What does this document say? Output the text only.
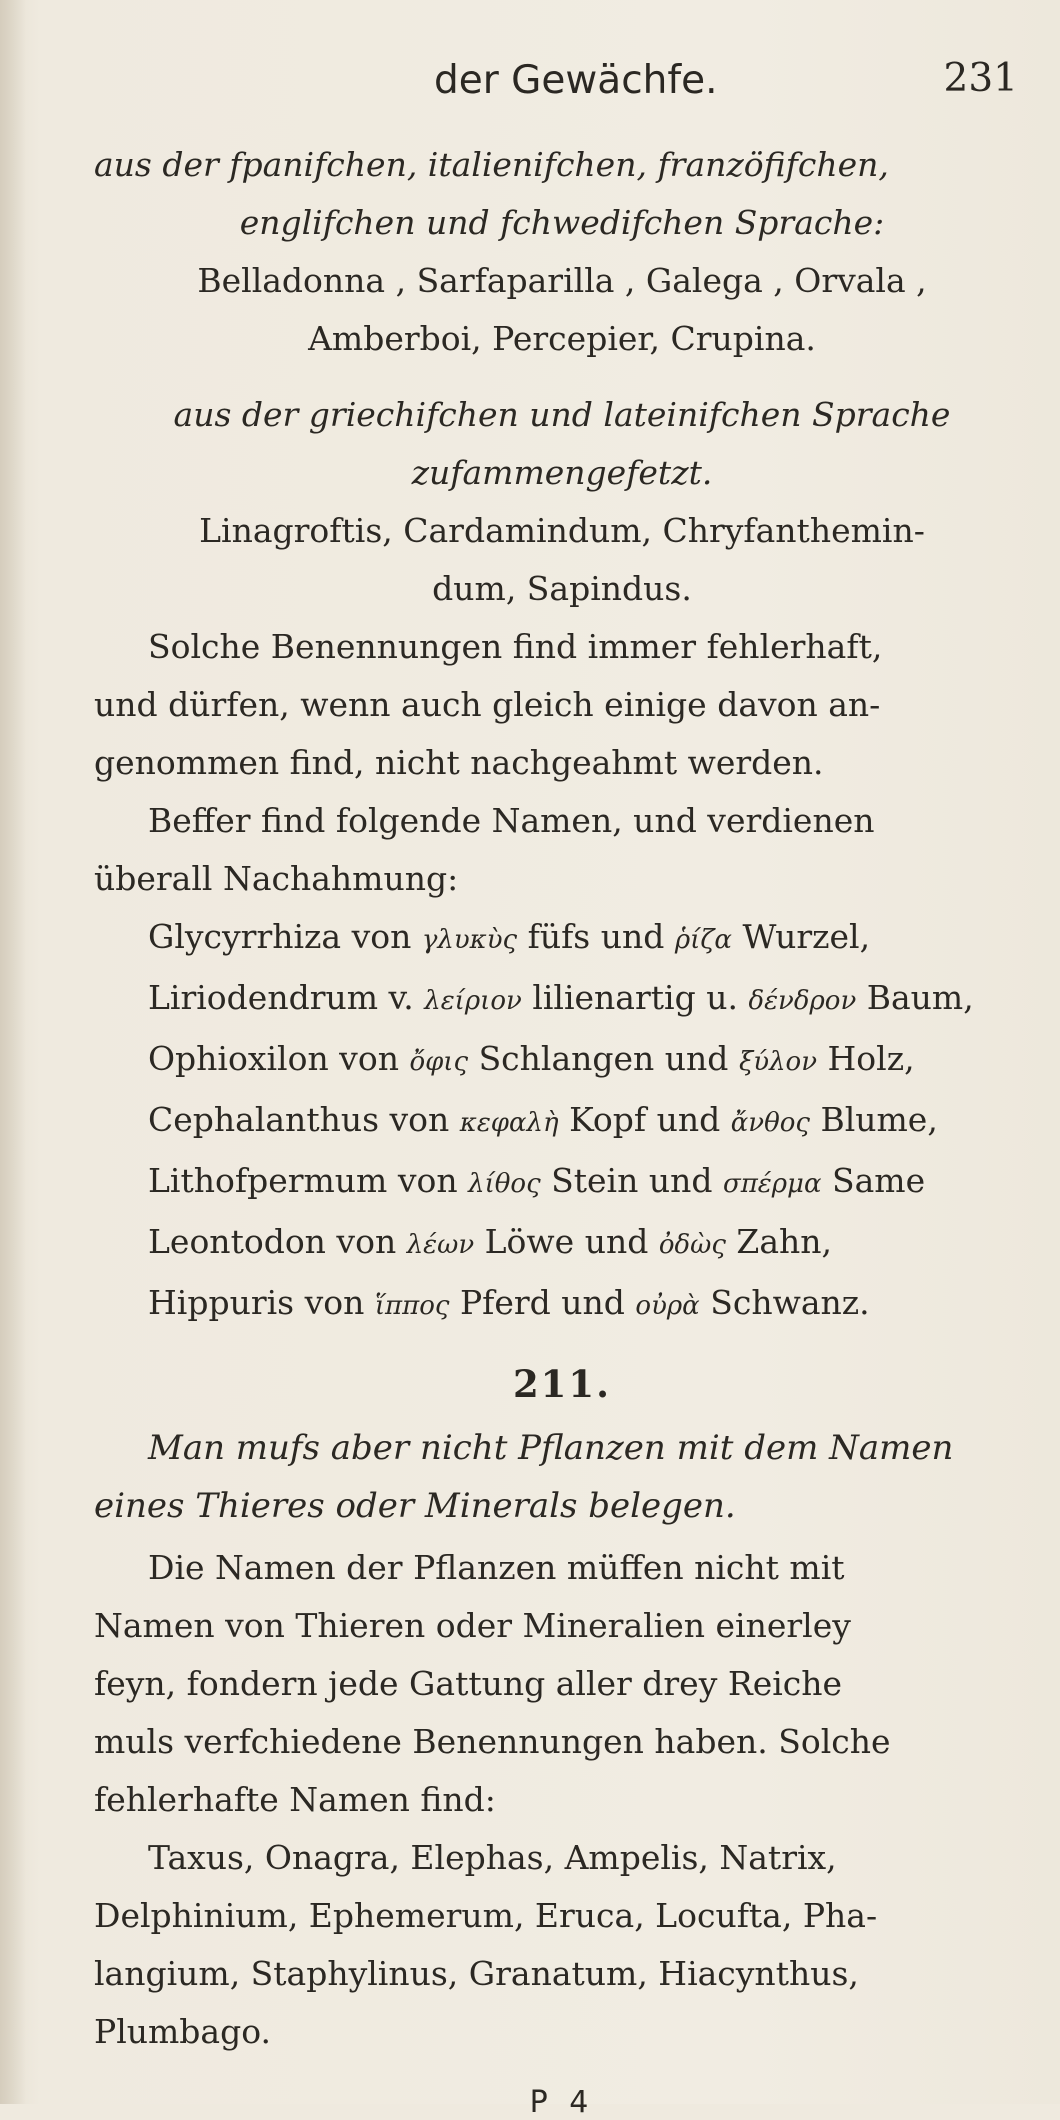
der Gewächfe.	231
aus der fpanifchen, italienifchen, franzöfifchen,
englifchen und fchwedifchen Sprache:
Belladonna , Sarfaparilla , Galega , Orvala ,
Amberboi, Percepier, Crupina.
aus der griechifchen und lateinifchen Sprache
zufammengefetzt.
Linagroftis, Cardamindum, Chryfanthemin-
dum, Sapindus.

Solche Benennungen find immer fehlerhaft,

und dürfen, wenn auch gleich einige davon an-

genommen find, nicht nachgeahmt werden.

Beffer find folgende Namen, und verdienen

überall Nachahmung:

Glycyrrhiza von γλυκὺς füfs und ῥίζα Wurzel,
Liriodendrum v. λείριον lilienartig u. δένδρον Baum,
Ophioxilon von ὄφις Schlangen und ξύλον Holz,
Cephalanthus von κεφαλὴ Kopf und ἄνθος Blume,
Lithofpermum von λίθος Stein und σπέρμα Same
Leontodon von λέων Löwe und ὀδὼς Zahn,
Hippuris von ἵππος Pferd und οὐρὰ Schwanz.
211.
Man mufs aber nicht Pflanzen mit dem Namen
eines Thieres oder Minerals belegen.

Die Namen der Pflanzen müffen nicht mit

Namen von Thieren oder Mineralien einerley

feyn, fondern jede Gattung aller drey Reiche

muls verfchiedene Benennungen haben. Solche

fehlerhafte Namen find:

Taxus, Onagra, Elephas, Ampelis, Natrix,

Delphinium, Ephemerum, Eruca, Locufta, Pha-

langium, Staphylinus, Granatum, Hiacynthus,

Plumbago.

P 4
